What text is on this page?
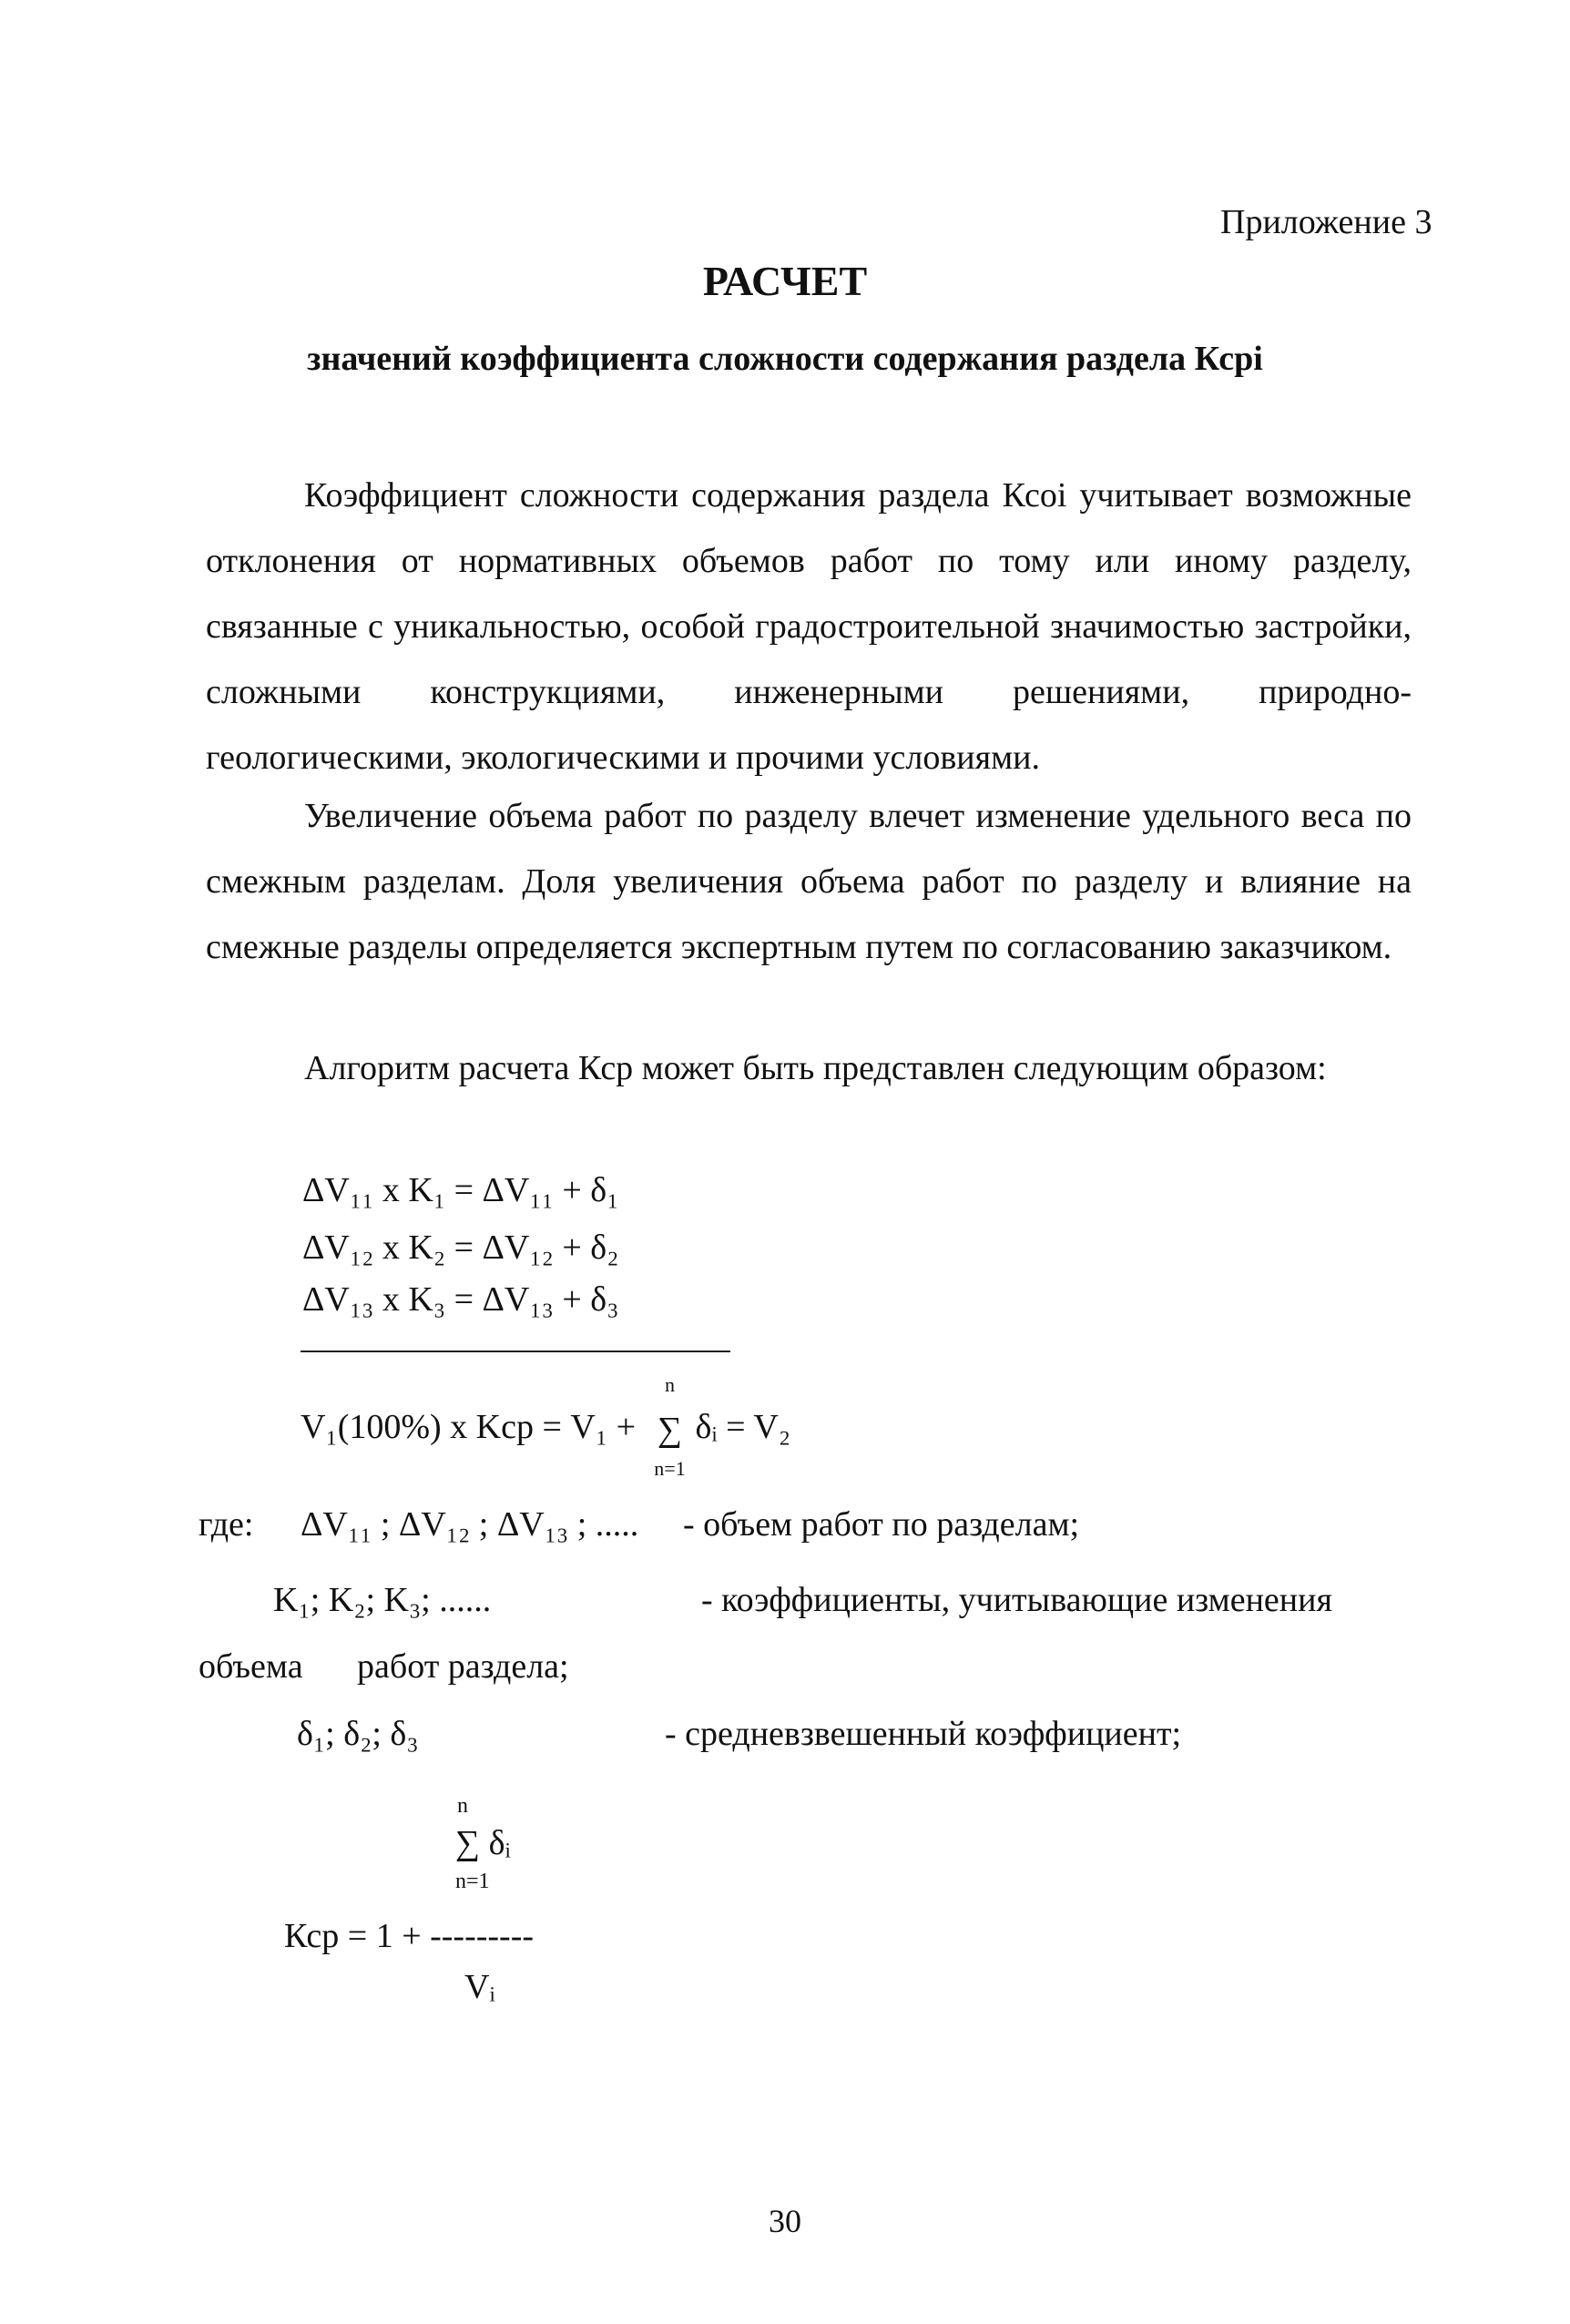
Приложение 3
РАСЧЕТ
значений коэффициента сложности содержания раздела Ксрi

Коэффициент сложности содержания раздела Ксоi учитывает возможные отклонения от нормативных объемов работ по тому или иному разделу, связанные с уникальностью, особой градостроительной значимостью застройки, сложными конструкциями, инженерными решениями, природно-геологическими, экологическими и прочими условиями.

Увеличение объема работ по разделу влечет изменение удельного веса по смежным разделам. Доля увеличения объема работ по разделу и влияние на смежные разделы определяется экспертным путем по согласованию заказчиком.

Алгоритм расчета Кср может быть представлен следующим образом:

ΔV₁₁ x K₁ = ΔV₁₁ + δ₁
ΔV₁₂ x K₂ = ΔV₁₂ + δ₂
ΔV₁₃ x K₃ = ΔV₁₃ + δ₃
V₁(100%) x Kср = V₁ +
n
∑
n=1
δᵢ = V₂
где: ΔV₁₁ ; ΔV₁₂ ; ΔV₁₃ ; ..... - объем работ по разделам;
K₁; K₂; K₃; ......	- коэффициенты, учитывающие изменения
объема работ раздела;
δ₁; δ₂; δ₃	- средневзвешенный коэффициент;
n
∑ δᵢ
n=1
Кср = 1 + ---------
Vᵢ
30
